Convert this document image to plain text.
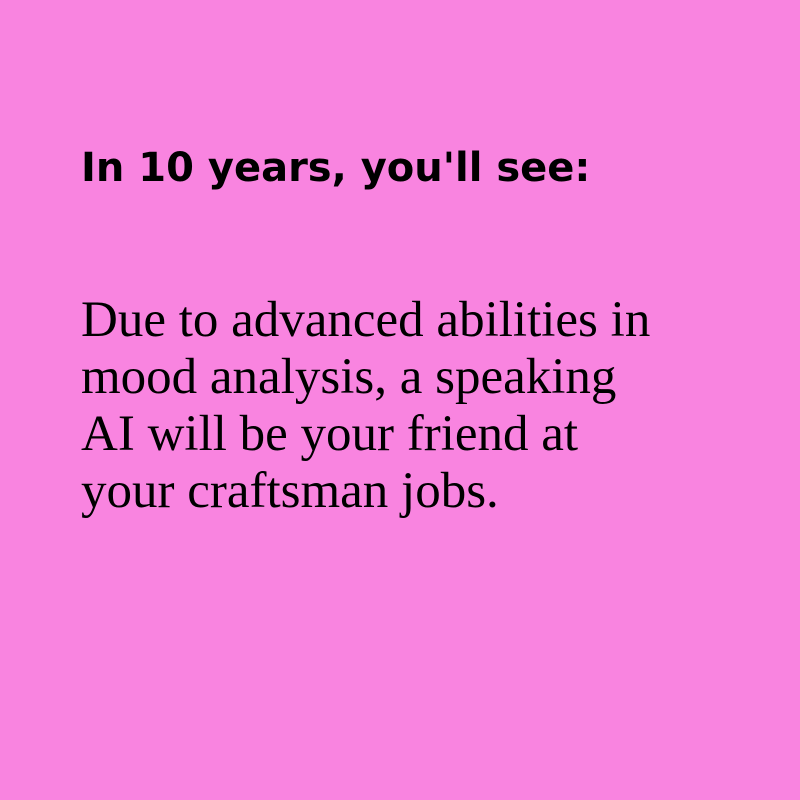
In 10 years, you'll see:

Due to advanced abilities in mood analysis, a speaking AI will be your friend at your craftsman jobs.
